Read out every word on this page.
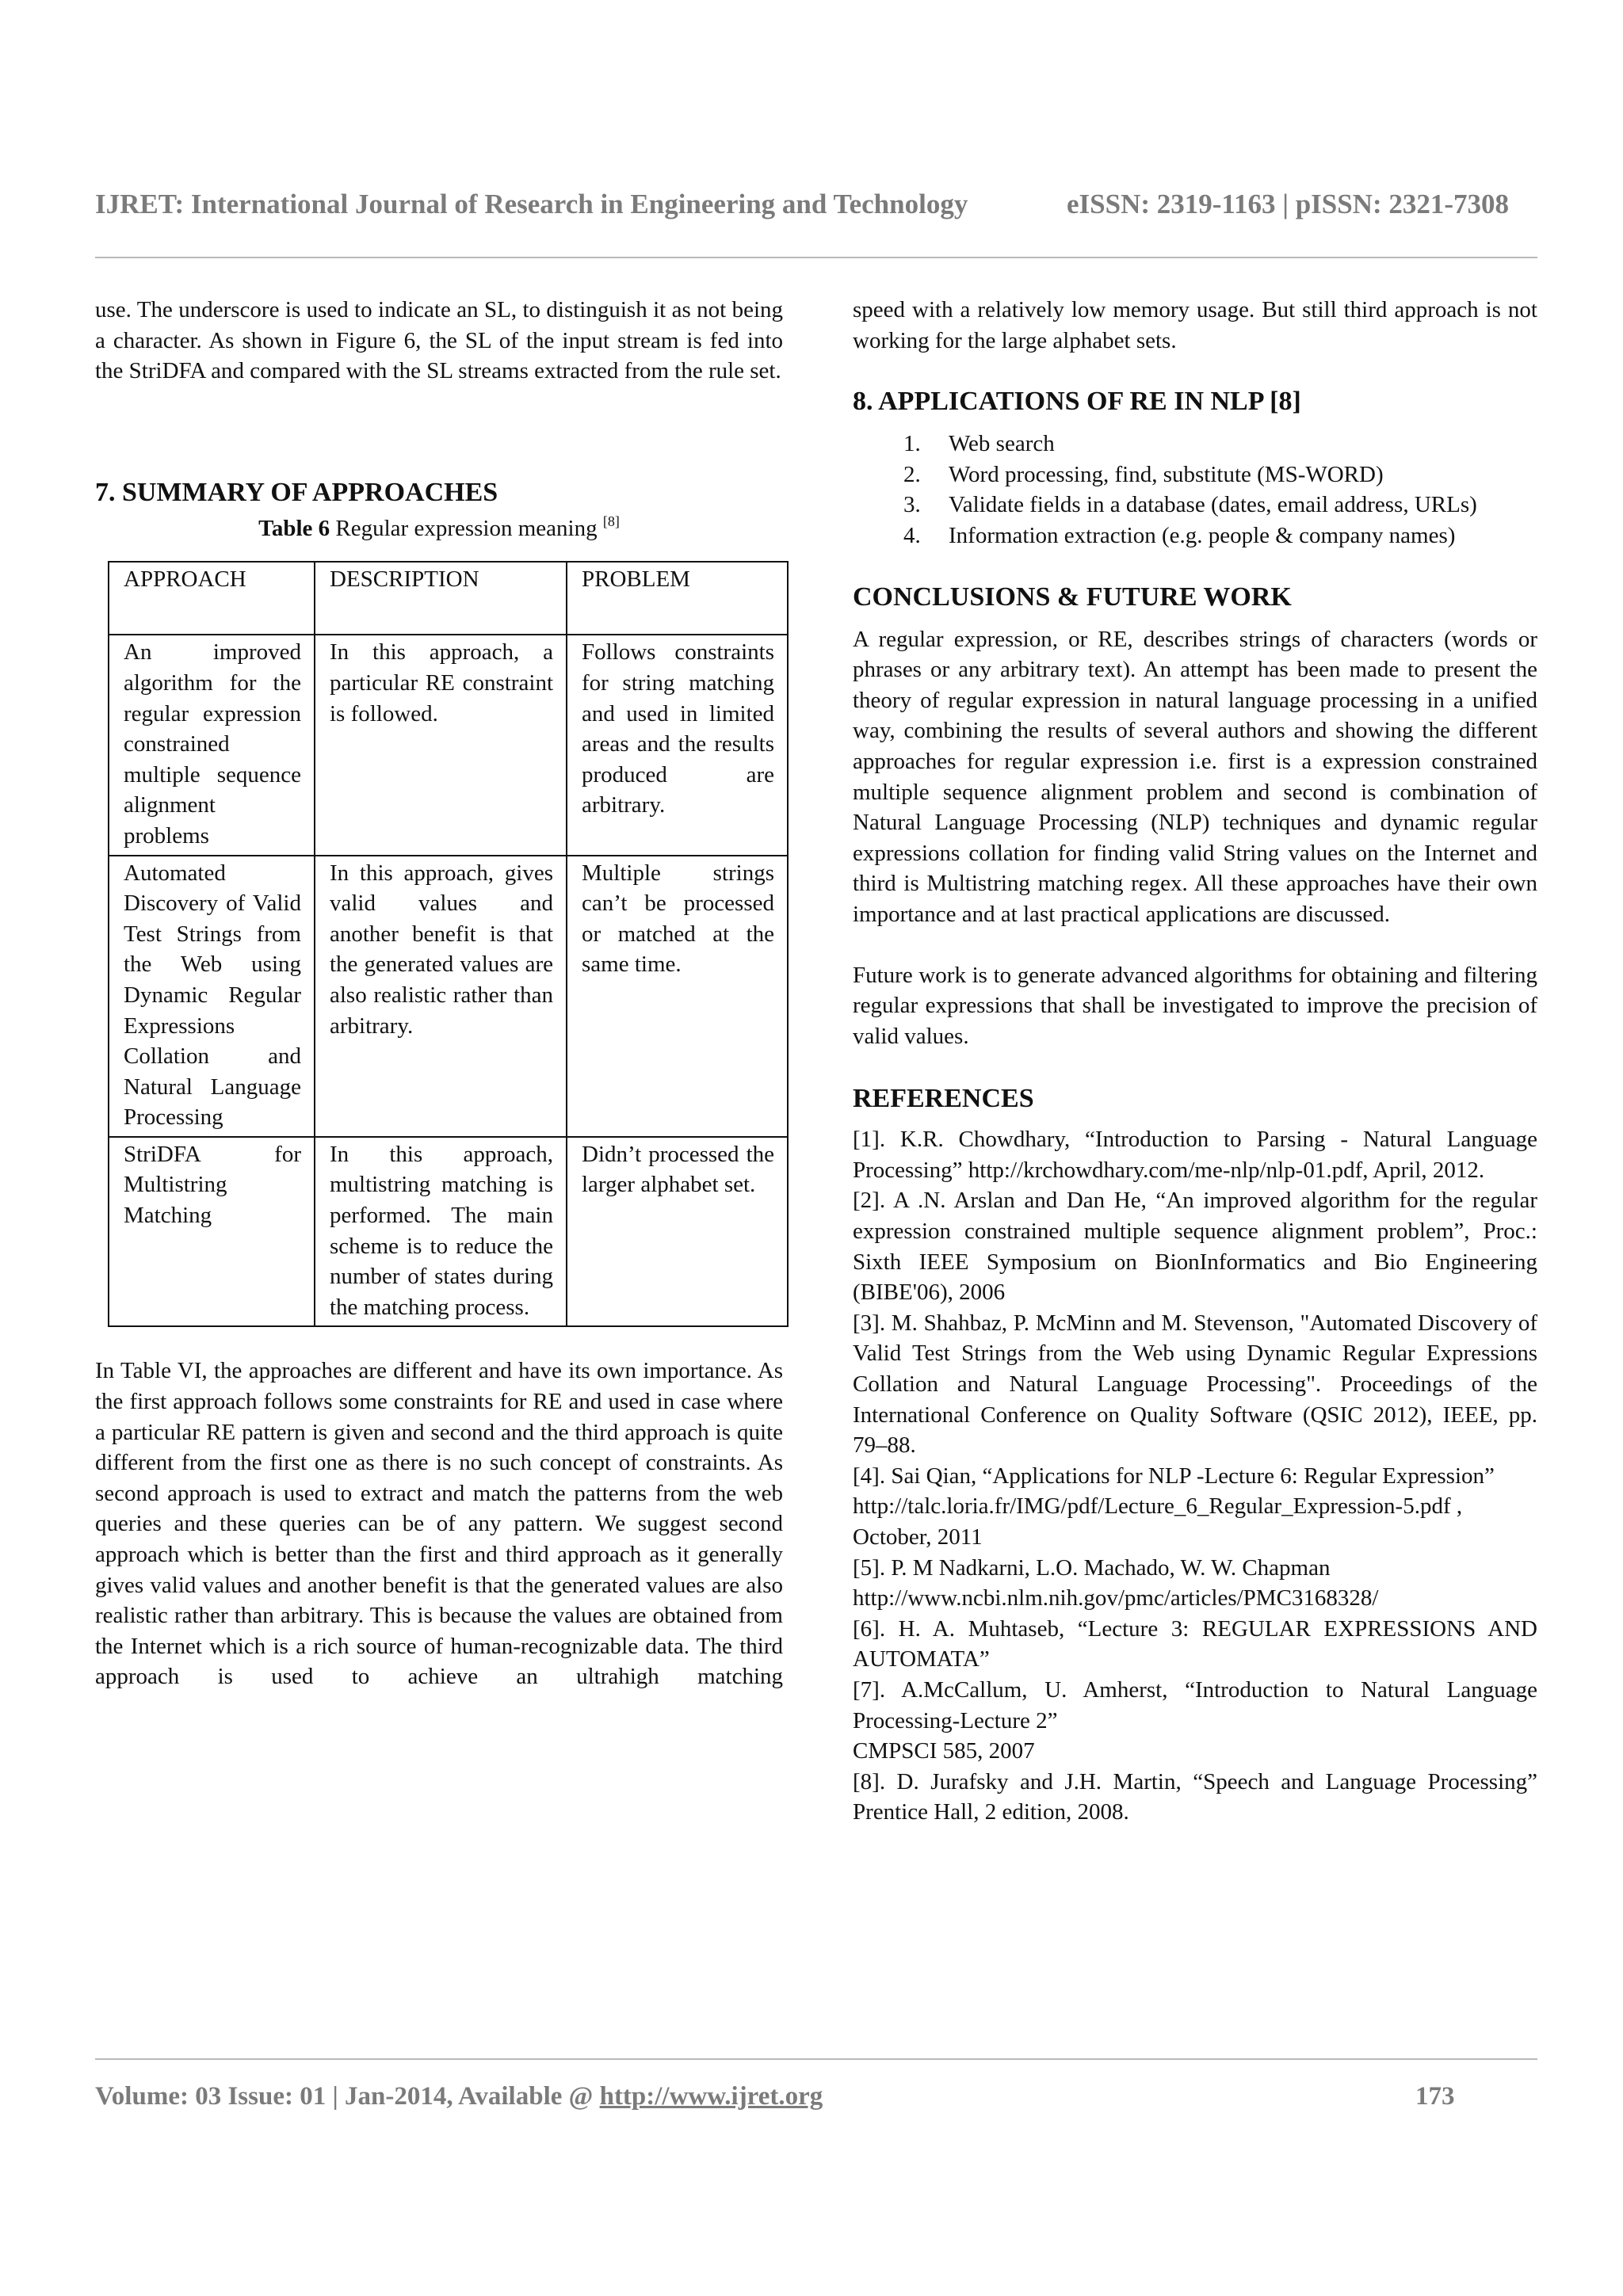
IJRET: International Journal of Research in Engineering and Technology	eISSN: 2319-1163 | pISSN: 2321-7308

use. The underscore is used to indicate an SL, to distinguish it as not being a character. As shown in Figure 6, the SL of the input stream is fed into the StriDFA and compared with the SL streams extracted from the rule set.

7. SUMMARY OF APPROACHES
Table 6 Regular expression meaning [8]
APPROACH	DESCRIPTION	PROBLEM
An improved algorithm for the regular expression constrained multiple sequence alignment problems	In this approach, a particular RE constraint is followed.	Follows constraints for string matching and used in limited areas and the results produced are arbitrary.
Automated Discovery of Valid Test Strings from the Web using Dynamic Regular Expressions Collation and Natural Language Processing	In this approach, gives valid values and another benefit is that the generated values are also realistic rather than arbitrary.	Multiple strings can’t be processed or matched at the same time.
StriDFA for Multistring Matching	In this approach, multistring matching is performed. The main scheme is to reduce the number of states during the matching process.	Didn’t processed the larger alphabet set.

In Table VI, the approaches are different and have its own importance. As the first approach follows some constraints for RE and used in case where a particular RE pattern is given and second and the third approach is quite different from the first one as there is no such concept of constraints. As second approach is used to extract and match the patterns from the web queries and these queries can be of any pattern. We suggest second approach which is better than the first and third approach as it generally gives valid values and another benefit is that the generated values are also realistic rather than arbitrary. This is because the values are obtained from the Internet which is a rich source of human-recognizable data. The third approach is used to achieve an ultrahigh matching

speed with a relatively low memory usage. But still third approach is not working for the large alphabet sets.

8. APPLICATIONS OF RE IN NLP [8]
1. Web search
2. Word processing, find, substitute (MS-WORD)
3. Validate fields in a database (dates, email address, URLs)
4. Information extraction (e.g. people & company names)
CONCLUSIONS & FUTURE WORK

A regular expression, or RE, describes strings of characters (words or phrases or any arbitrary text). An attempt has been made to present the theory of regular expression in natural language processing in a unified way, combining the results of several authors and showing the different approaches for regular expression i.e. first is a expression constrained multiple sequence alignment problem and second is combination of Natural Language Processing (NLP) techniques and dynamic regular expressions collation for finding valid String values on the Internet and third is Multistring matching regex. All these approaches have their own importance and at last practical applications are discussed.

Future work is to generate advanced algorithms for obtaining and filtering regular expressions that shall be investigated to improve the precision of valid values.

REFERENCES

[1]. K.R. Chowdhary, “Introduction to Parsing - Natural Language Processing” http://krchowdhary.com/me-nlp/nlp-01.pdf, April, 2012.

[2]. A .N. Arslan and Dan He, “An improved algorithm for the regular expression constrained multiple sequence alignment problem”, Proc.: Sixth IEEE Symposium on BionInformatics and Bio Engineering (BIBE'06), 2006

[3]. M. Shahbaz, P. McMinn and M. Stevenson, "Automated Discovery of Valid Test Strings from the Web using Dynamic Regular Expressions Collation and Natural Language Processing". Proceedings of the International Conference on Quality Software (QSIC 2012), IEEE, pp. 79–88.

[4]. Sai Qian, “Applications for NLP -Lecture 6: Regular Expression”

http://talc.loria.fr/IMG/pdf/Lecture_6_Regular_Expression-5.pdf , October, 2011

[5]. P. M Nadkarni, L.O. Machado, W. W. Chapman

http://www.ncbi.nlm.nih.gov/pmc/articles/PMC3168328/

[6]. H. A. Muhtaseb, “Lecture 3: REGULAR EXPRESSIONS AND AUTOMATA”

[7]. A.McCallum, U. Amherst, “Introduction to Natural Language Processing-Lecture 2”

CMPSCI 585, 2007

[8]. D. Jurafsky and J.H. Martin, “Speech and Language Processing” Prentice Hall, 2 edition, 2008.

Volume: 03 Issue: 01 | Jan-2014, Available @ http://www.ijret.org	173
